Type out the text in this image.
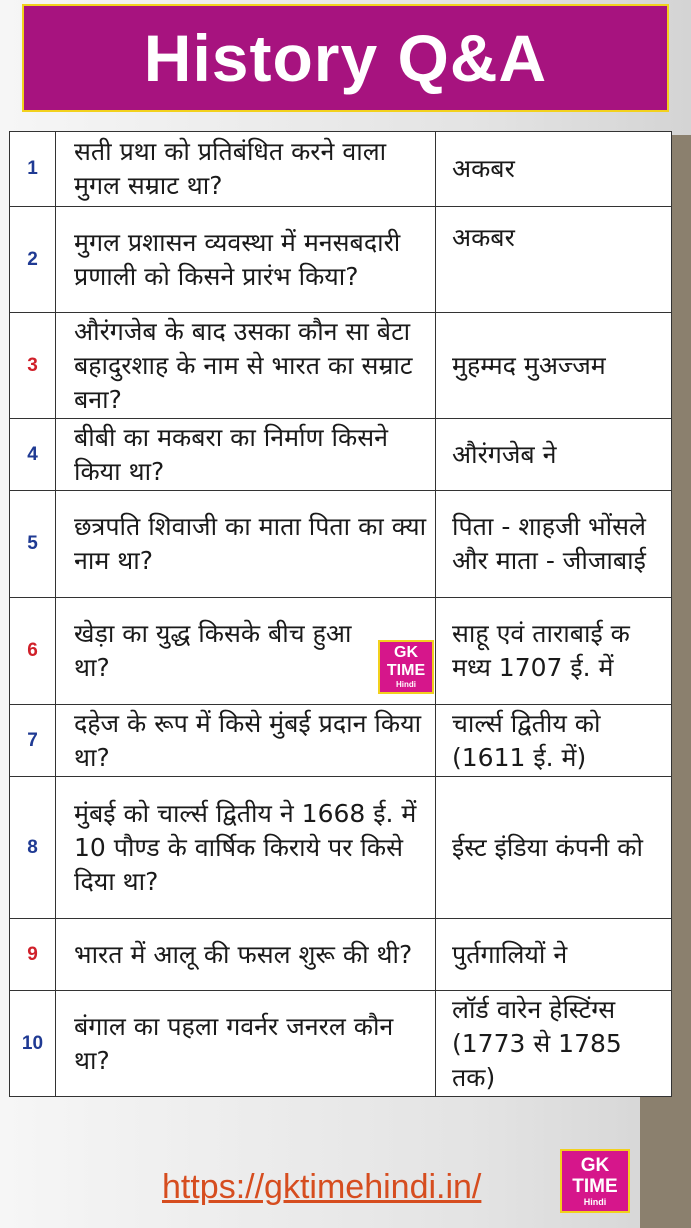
History Q&A
1	सती प्रथा को प्रतिबंधित करने वाला मुगल सम्राट था?	अकबर

2	मुगल प्रशासन व्यवस्था में मनसबदारी प्रणाली को किसने प्रारंभ किया?	अकबर

3	औरंगजेब के बाद उसका कौन सा बेटा बहादुरशाह के नाम से भारत का सम्राट बना?	मुहम्मद मुअज्जम

4	बीबी का मकबरा का निर्माण किसने किया था?	औरंगजेब ने

5	छत्रपति शिवाजी का माता पिता का क्या नाम था?	पिता - शाहजी भोंसले और माता - जीजाबाई

6	खेड़ा का युद्ध किसके बीच हुआ था?	साहू एवं ताराबाई क मध्य 1707 ई. में

7	दहेज के रूप में किसे मुंबई प्रदान किया था?	चार्ल्स द्वितीय को (1611 ई. में)

8	मुंबई को चार्ल्स द्वितीय ने 1668 ई. में 10 पौण्ड के वार्षिक किराये पर किसे दिया था?	ईस्ट इंडिया कंपनी को

9	भारत में आलू की फसल शुरू की थी?	पुर्तगालियों ने

10	बंगाल का पहला गवर्नर जनरल कौन था?	लॉर्ड वारेन हेस्टिंग्स (1773 से 1785 तक)
GK
TIME
Hindi
https://gktimehindi.in/
GK
TIME
Hindi
